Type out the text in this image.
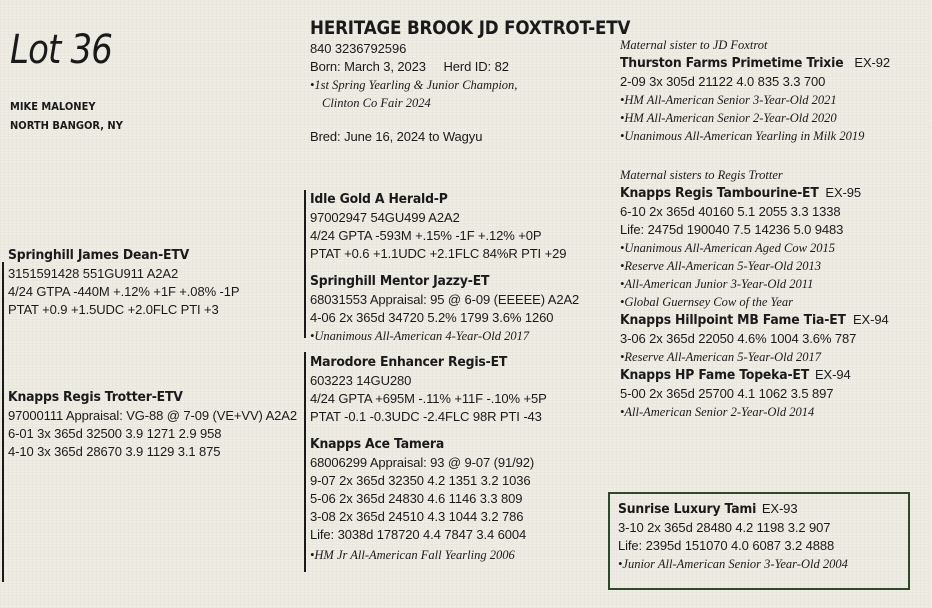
Lot 36
MIKE MALONEY
NORTH BANGOR, NY
HERITAGE BROOK JD FOXTROT-ETV
840 3236792596
Born: March 3, 2023 Herd ID: 82
• 1st Spring Yearling & Junior Champion,
Clinton Co Fair 2024
Bred: June 16, 2024 to Wagyu
Springhill James Dean-ETV
3151591428 551GU911 A2A2
4/24 GTPA -440M +.12% +1F +.08% -1P
PTAT +0.9 +1.5UDC +2.0FLC PTI +3
Knapps Regis Trotter-ETV
97000111 Appraisal: VG-88 @ 7-09 (VE+VV) A2A2
6-01 3x 365d 32500 3.9 1271 2.9 958
4-10 3x 365d 28670 3.9 1129 3.1 875
Idle Gold A Herald-P
97002947 54GU499 A2A2
4/24 GPTA -593M +.15% -1F +.12% +0P
PTAT +0.6 +1.1UDC +2.1FLC 84%R PTI +29
Springhill Mentor Jazzy-ET
68031553 Appraisal: 95 @ 6-09 (EEEEE) A2A2
4-06 2x 365d 34720 5.2% 1799 3.6% 1260
• Unanimous All-American 4-Year-Old 2017
Marodore Enhancer Regis-ET
603223 14GU280
4/24 GPTA +695M -.11% +11F -.10% +5P
PTAT -0.1 -0.3UDC -2.4FLC 98R PTI -43
Knapps Ace Tamera
68006299 Appraisal: 93 @ 9-07 (91/92)
9-07 2x 365d 32350 4.2 1351 3.2 1036
5-06 2x 365d 24830 4.6 1146 3.3 809
3-08 2x 365d 24510 4.3 1044 3.2 786
Life: 3038d 178720 4.4 7847 3.4 6004
• HM Jr All-American Fall Yearling 2006
Maternal sister to JD Foxtrot
Thurston Farms Primetime Trixie EX-92
2-09 3x 305d 21122 4.0 835 3.3 700
• HM All-American Senior 3-Year-Old 2021
• HM All-American Senior 2-Year-Old 2020
• Unanimous All-American Yearling in Milk 2019
Maternal sisters to Regis Trotter
Knapps Regis Tambourine-ET EX-95
6-10 2x 365d 40160 5.1 2055 3.3 1338
Life: 2475d 190040 7.5 14236 5.0 9483
• Unanimous All-American Aged Cow 2015
• Reserve All-American 5-Year-Old 2013
• All-American Junior 3-Year-Old 2011
• Global Guernsey Cow of the Year
Knapps Hillpoint MB Fame Tia-ET EX-94
3-06 2x 365d 22050 4.6% 1004 3.6% 787
• Reserve All-American 5-Year-Old 2017
Knapps HP Fame Topeka-ET EX-94
5-00 2x 365d 25700 4.1 1062 3.5 897
• All-American Senior 2-Year-Old 2014
Sunrise Luxury Tami EX-93
3-10 2x 365d 28480 4.2 1198 3.2 907
Life: 2395d 151070 4.0 6087 3.2 4888
• Junior All-American Senior 3-Year-Old 2004
